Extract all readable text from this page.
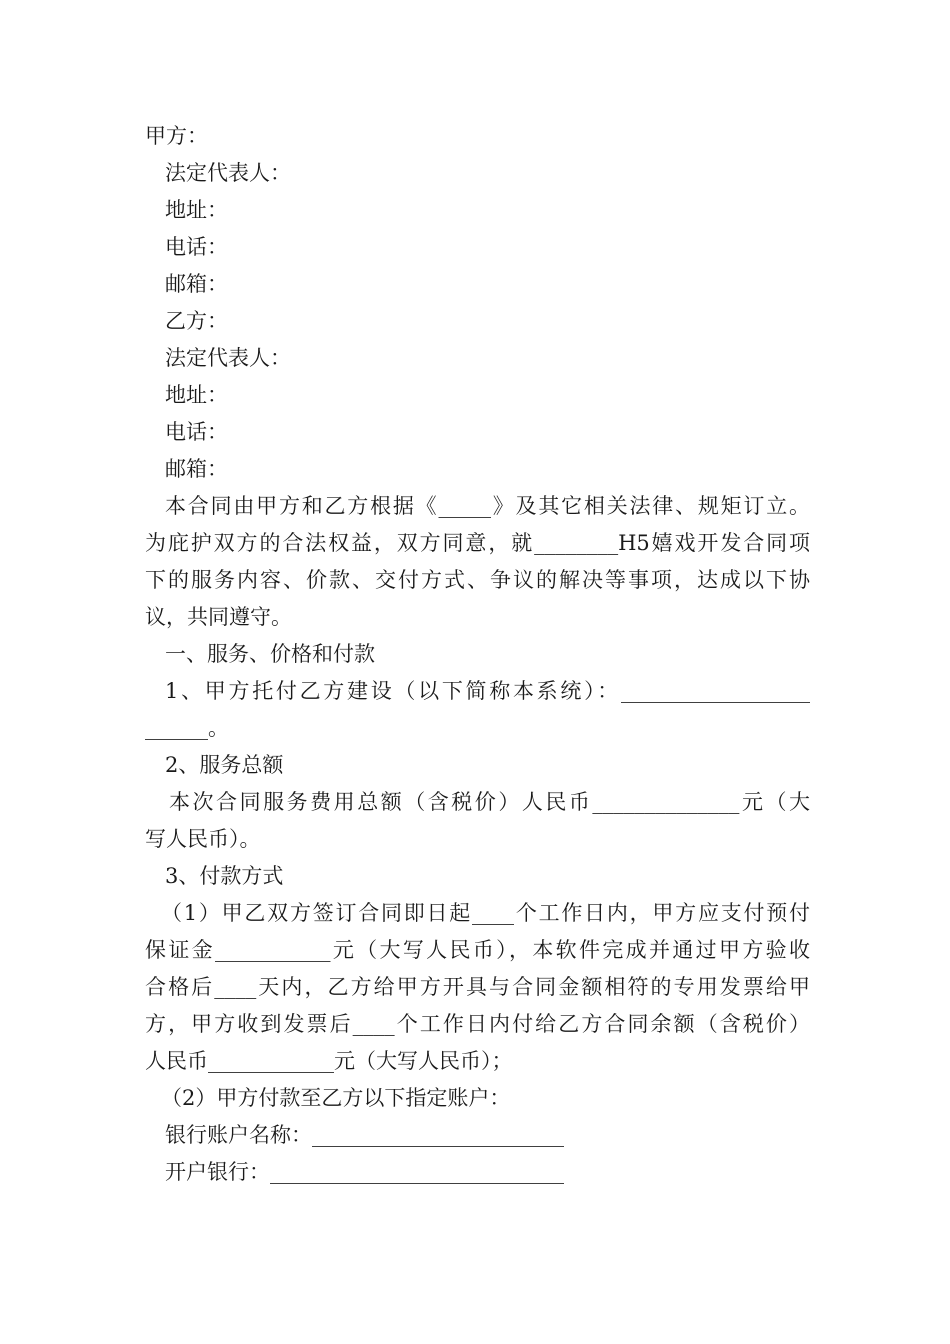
甲方：
法定代表人：
地址：
电话：
邮箱：
乙方：
法定代表人：
地址：
电话：
邮箱：
本合同由甲方和乙方根据《_____》及其它相关法律、规矩订立。
为庇护双方的合法权益，双方同意，就________H5嬉戏开发合同项
下的服务内容、价款、交付方式、争议的解决等事项，达成以下协
议，共同遵守。
一、服务、价格和付款
1、甲方托付乙方建设（以下简称本系统）：__________________
______。
2、服务总额
本次合同服务费用总额（含税价）人民币______________元（大
写人民币）。
3、付款方式
（1）甲乙双方签订合同即日起____个工作日内，甲方应支付预付
保证金___________元（大写人民币），本软件完成并通过甲方验收
合格后____天内，乙方给甲方开具与合同金额相符的专用发票给甲
方，甲方收到发票后____个工作日内付给乙方合同余额（含税价）
人民币____________元（大写人民币）；
（2）甲方付款至乙方以下指定账户：
银行账户名称：________________________
开户银行：____________________________
